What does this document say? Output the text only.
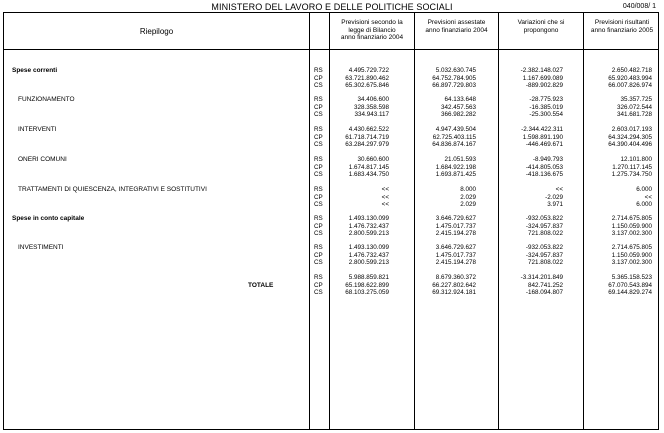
MINISTERO DEL LAVORO E DELLE POLITICHE SOCIALI	040/008/ 1
Riepilogo
Previsioni secondo la
legge di Bilancio
anno finanziario 2004
Previsioni assestate
anno finanziario 2004
Variazioni che si
propongono
Previsioni risultanti
anno finanziario 2005
Spese correnti	RS	4.495.729.722	5.032.630.745	-2.382.148.027	2.650.482.718
CP	63.721.890.462	64.752.784.905	1.167.699.089	65.920.483.994
CS	65.302.675.846	66.897.729.803	-889.902.829	66.007.826.974
FUNZIONAMENTO	RS	34.406.600	64.133.648	-28.775.923	35.357.725
CP	328.358.598	342.457.563	-16.385.019	326.072.544
CS	334.943.117	366.982.282	-25.300.554	341.681.728
INTERVENTI	RS	4.430.662.522	4.947.439.504	-2.344.422.311	2.603.017.193
CP	61.718.714.719	62.725.403.115	1.598.891.190	64.324.294.305
CS	63.284.297.979	64.836.874.167	-446.469.671	64.390.404.496
ONERI COMUNI	RS	30.660.600	21.051.593	-8.949.793	12.101.800
CP	1.674.817.145	1.684.922.198	-414.805.053	1.270.117.145
CS	1.683.434.750	1.693.871.425	-418.136.675	1.275.734.750
TRATTAMENTI DI QUIESCENZA, INTEGRATIVI E SOSTITUTIVI	RS	<<	8.000	<<	6.000
CP	<<	2.029	-2.029	<<
CS	<<	2.029	3.971	6.000
Spese in conto capitale	RS	1.493.130.099	3.646.729.627	-932.053.822	2.714.675.805
CP	1.476.732.437	1.475.017.737	-324.957.837	1.150.059.900
CS	2.800.599.213	2.415.194.278	721.808.022	3.137.002.300
INVESTIMENTI	RS	1.493.130.099	3.646.729.627	-932.053.822	2.714.675.805
CP	1.476.732.437	1.475.017.737	-324.957.837	1.150.059.900
CS	2.800.599.213	2.415.194.278	721.808.022	3.137.002.300
TOTALE
RS	5.988.859.821	8.679.360.372	-3.314.201.849	5.365.158.523
CP	65.198.622.899	66.227.802.642	842.741.252	67.070.543.894
CS	68.103.275.059	69.312.924.181	-168.094.807	69.144.829.274
